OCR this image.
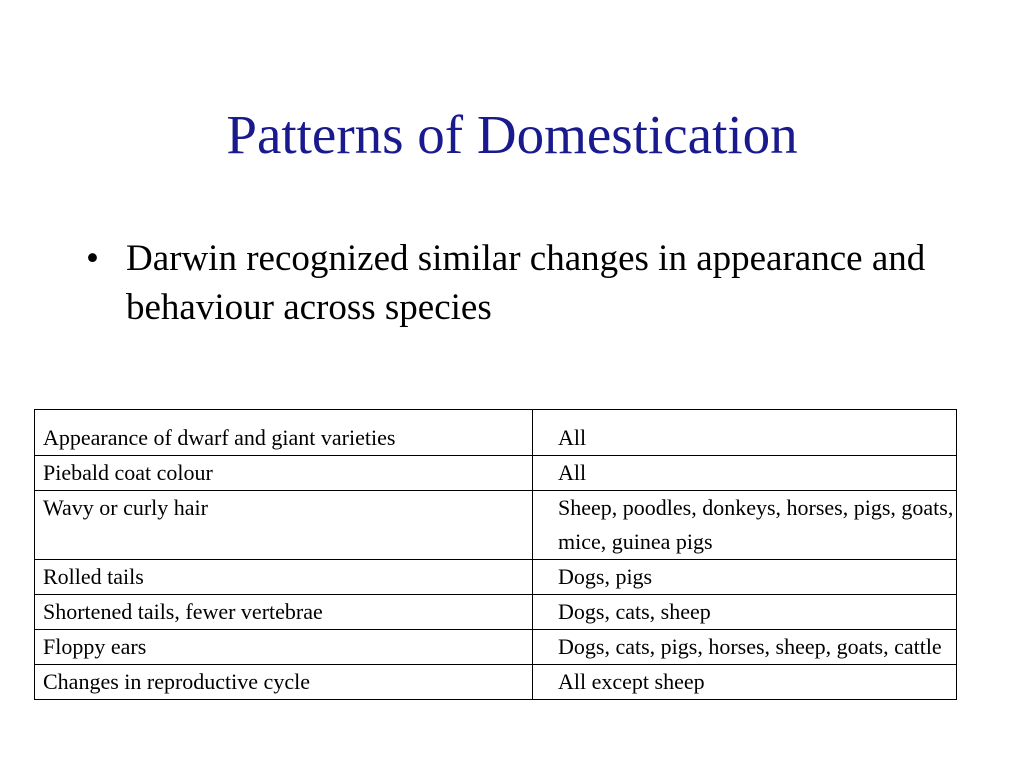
Patterns of Domestication
• Darwin recognized similar changes in appearance and behaviour across species
Appearance of dwarf and giant varieties	All
Piebald coat colour	All
Wavy or curly hair	Sheep, poodles, donkeys, horses, pigs, goats, mice, guinea pigs
Rolled tails	Dogs, pigs
Shortened tails, fewer vertebrae	Dogs, cats, sheep
Floppy ears	Dogs, cats, pigs, horses, sheep, goats, cattle
Changes in reproductive cycle	All except sheep
